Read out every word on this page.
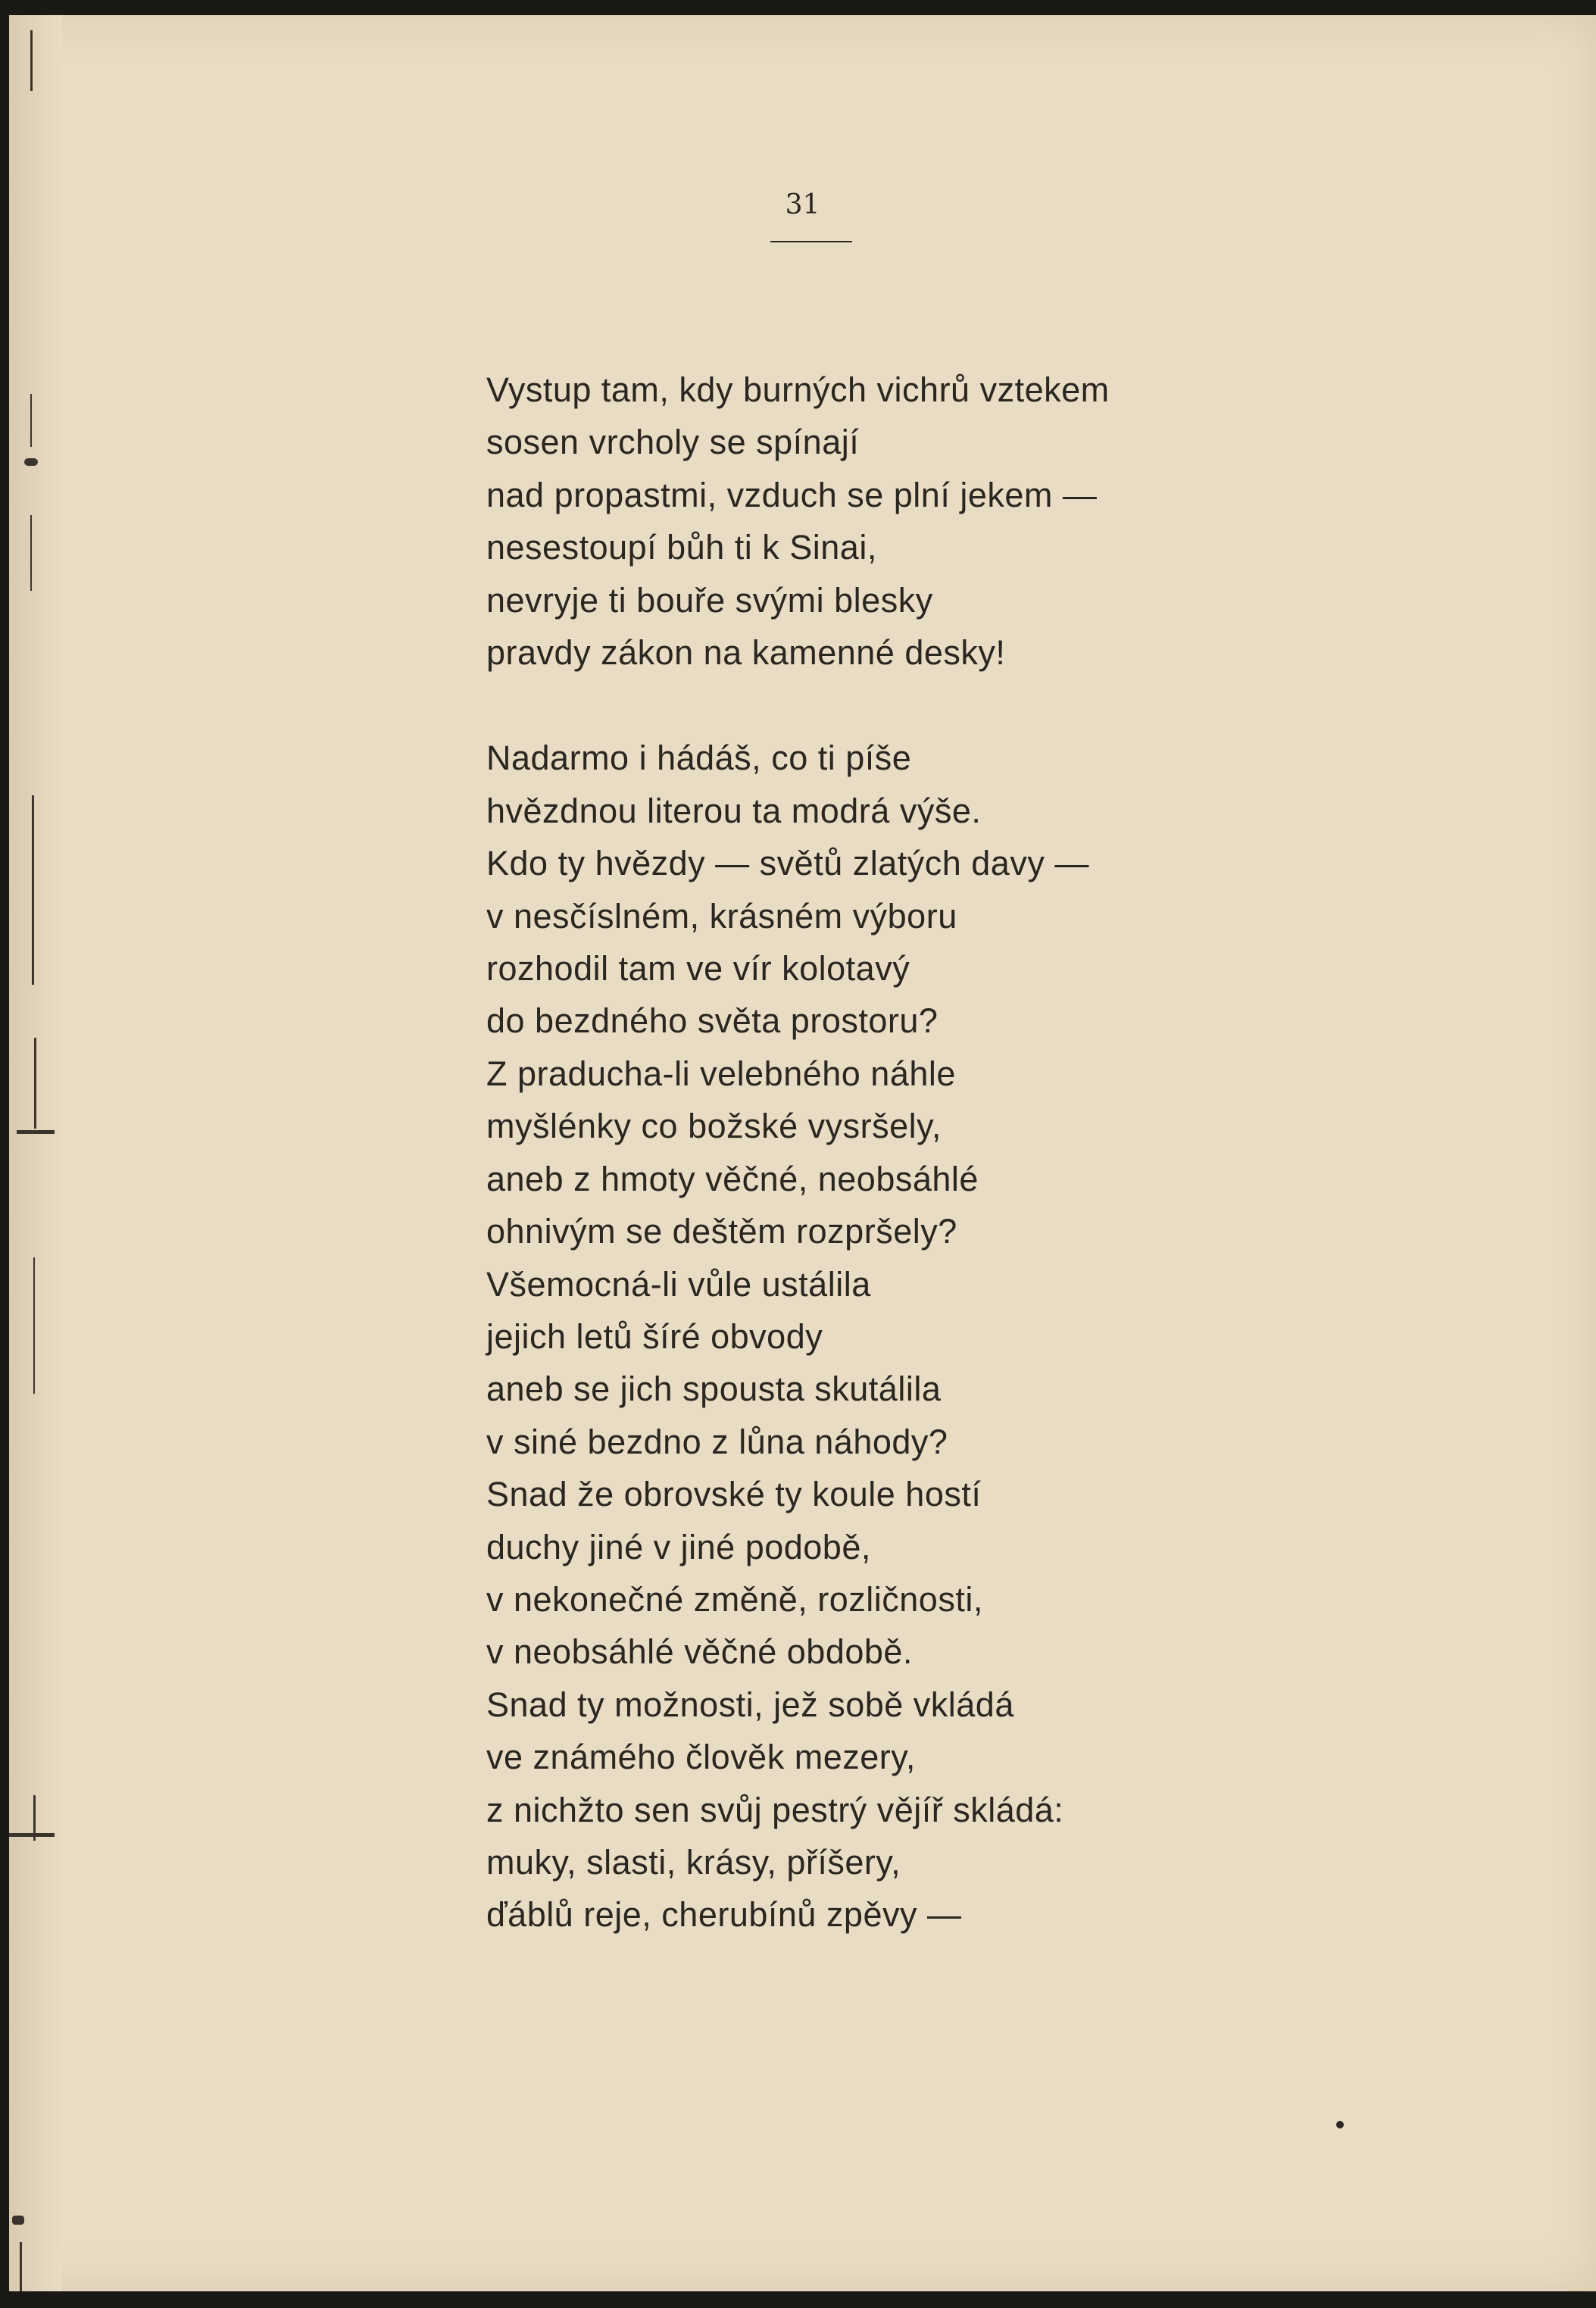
31
Vystup tam, kdy burných vichrů vztekem
sosen vrcholy se spínají
nad propastmi, vzduch se plní jekem —
nesestoupí bůh ti k Sinai,
nevryje ti bouře svými blesky
pravdy zákon na kamenné desky!
Nadarmo i hádáš, co ti píše
hvězdnou literou ta modrá výše.
Kdo ty hvězdy — světů zlatých davy —
v nesčíslném, krásném výboru
rozhodil tam ve vír kolotavý
do bezdného světa prostoru?
Z praducha-li velebného náhle
myšlénky co božské vysršely,
aneb z hmoty věčné, neobsáhlé
ohnivým se deštěm rozpršely?
Všemocná-li vůle ustálila
jejich letů šíré obvody
aneb se jich spousta skutálila
v siné bezdno z lůna náhody?
Snad že obrovské ty koule hostí
duchy jiné v jiné podobě,
v nekonečné změně, rozličnosti,
v neobsáhlé věčné obdobě.
Snad ty možnosti, jež sobě vkládá
ve známého člověk mezery,
z nichžto sen svůj pestrý vějíř skládá:
muky, slasti, krásy, příšery,
ďáblů reje, cherubínů zpěvy —
